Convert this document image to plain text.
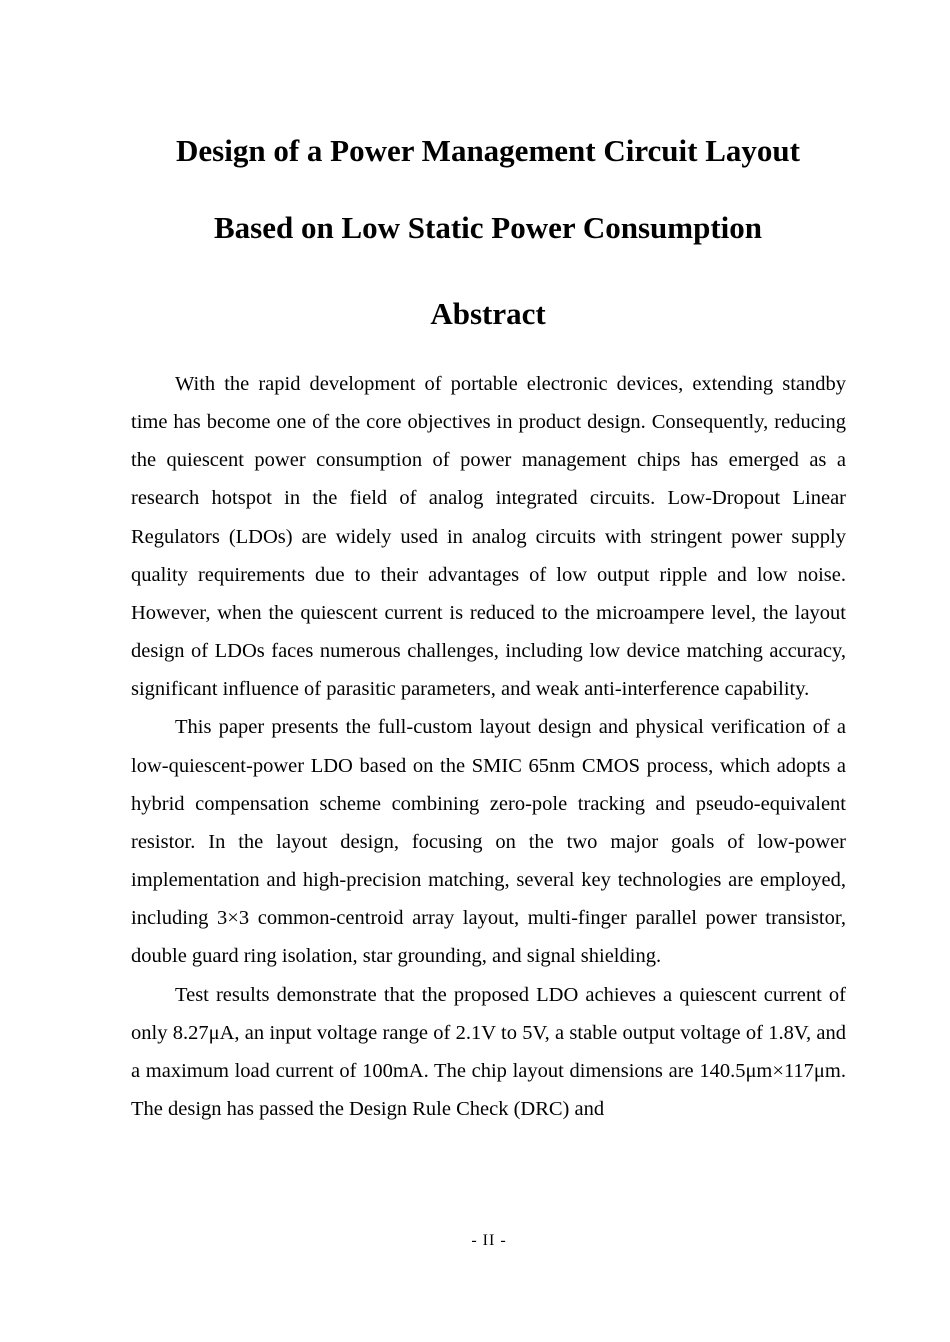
Design of a Power Management Circuit Layout
Based on Low Static Power Consumption
Abstract

With the rapid development of portable electronic devices, extending standby time has become one of the core objectives in product design. Consequently, reducing the quiescent power consumption of power management chips has emerged as a research hotspot in the field of analog integrated circuits. Low-Dropout Linear Regulators (LDOs) are widely used in analog circuits with stringent power supply quality requirements due to their advantages of low output ripple and low noise. However, when the quiescent current is reduced to the microampere level, the layout design of LDOs faces numerous challenges, including low device matching accuracy, significant influence of parasitic parameters, and weak anti-interference capability.

This paper presents the full-custom layout design and physical verification of a low-quiescent-power LDO based on the SMIC 65nm CMOS process, which adopts a hybrid compensation scheme combining zero-pole tracking and pseudo-equivalent resistor. In the layout design, focusing on the two major goals of low-power implementation and high-precision matching, several key technologies are employed, including 3×3 common-centroid array layout, multi-finger parallel power transistor, double guard ring isolation, star grounding, and signal shielding.

Test results demonstrate that the proposed LDO achieves a quiescent current of only 8.27μA, an input voltage range of 2.1V to 5V, a stable output voltage of 1.8V, and a maximum load current of 100mA. The chip layout dimensions are 140.5μm×117μm. The design has passed the Design Rule Check (DRC) and

- II -
